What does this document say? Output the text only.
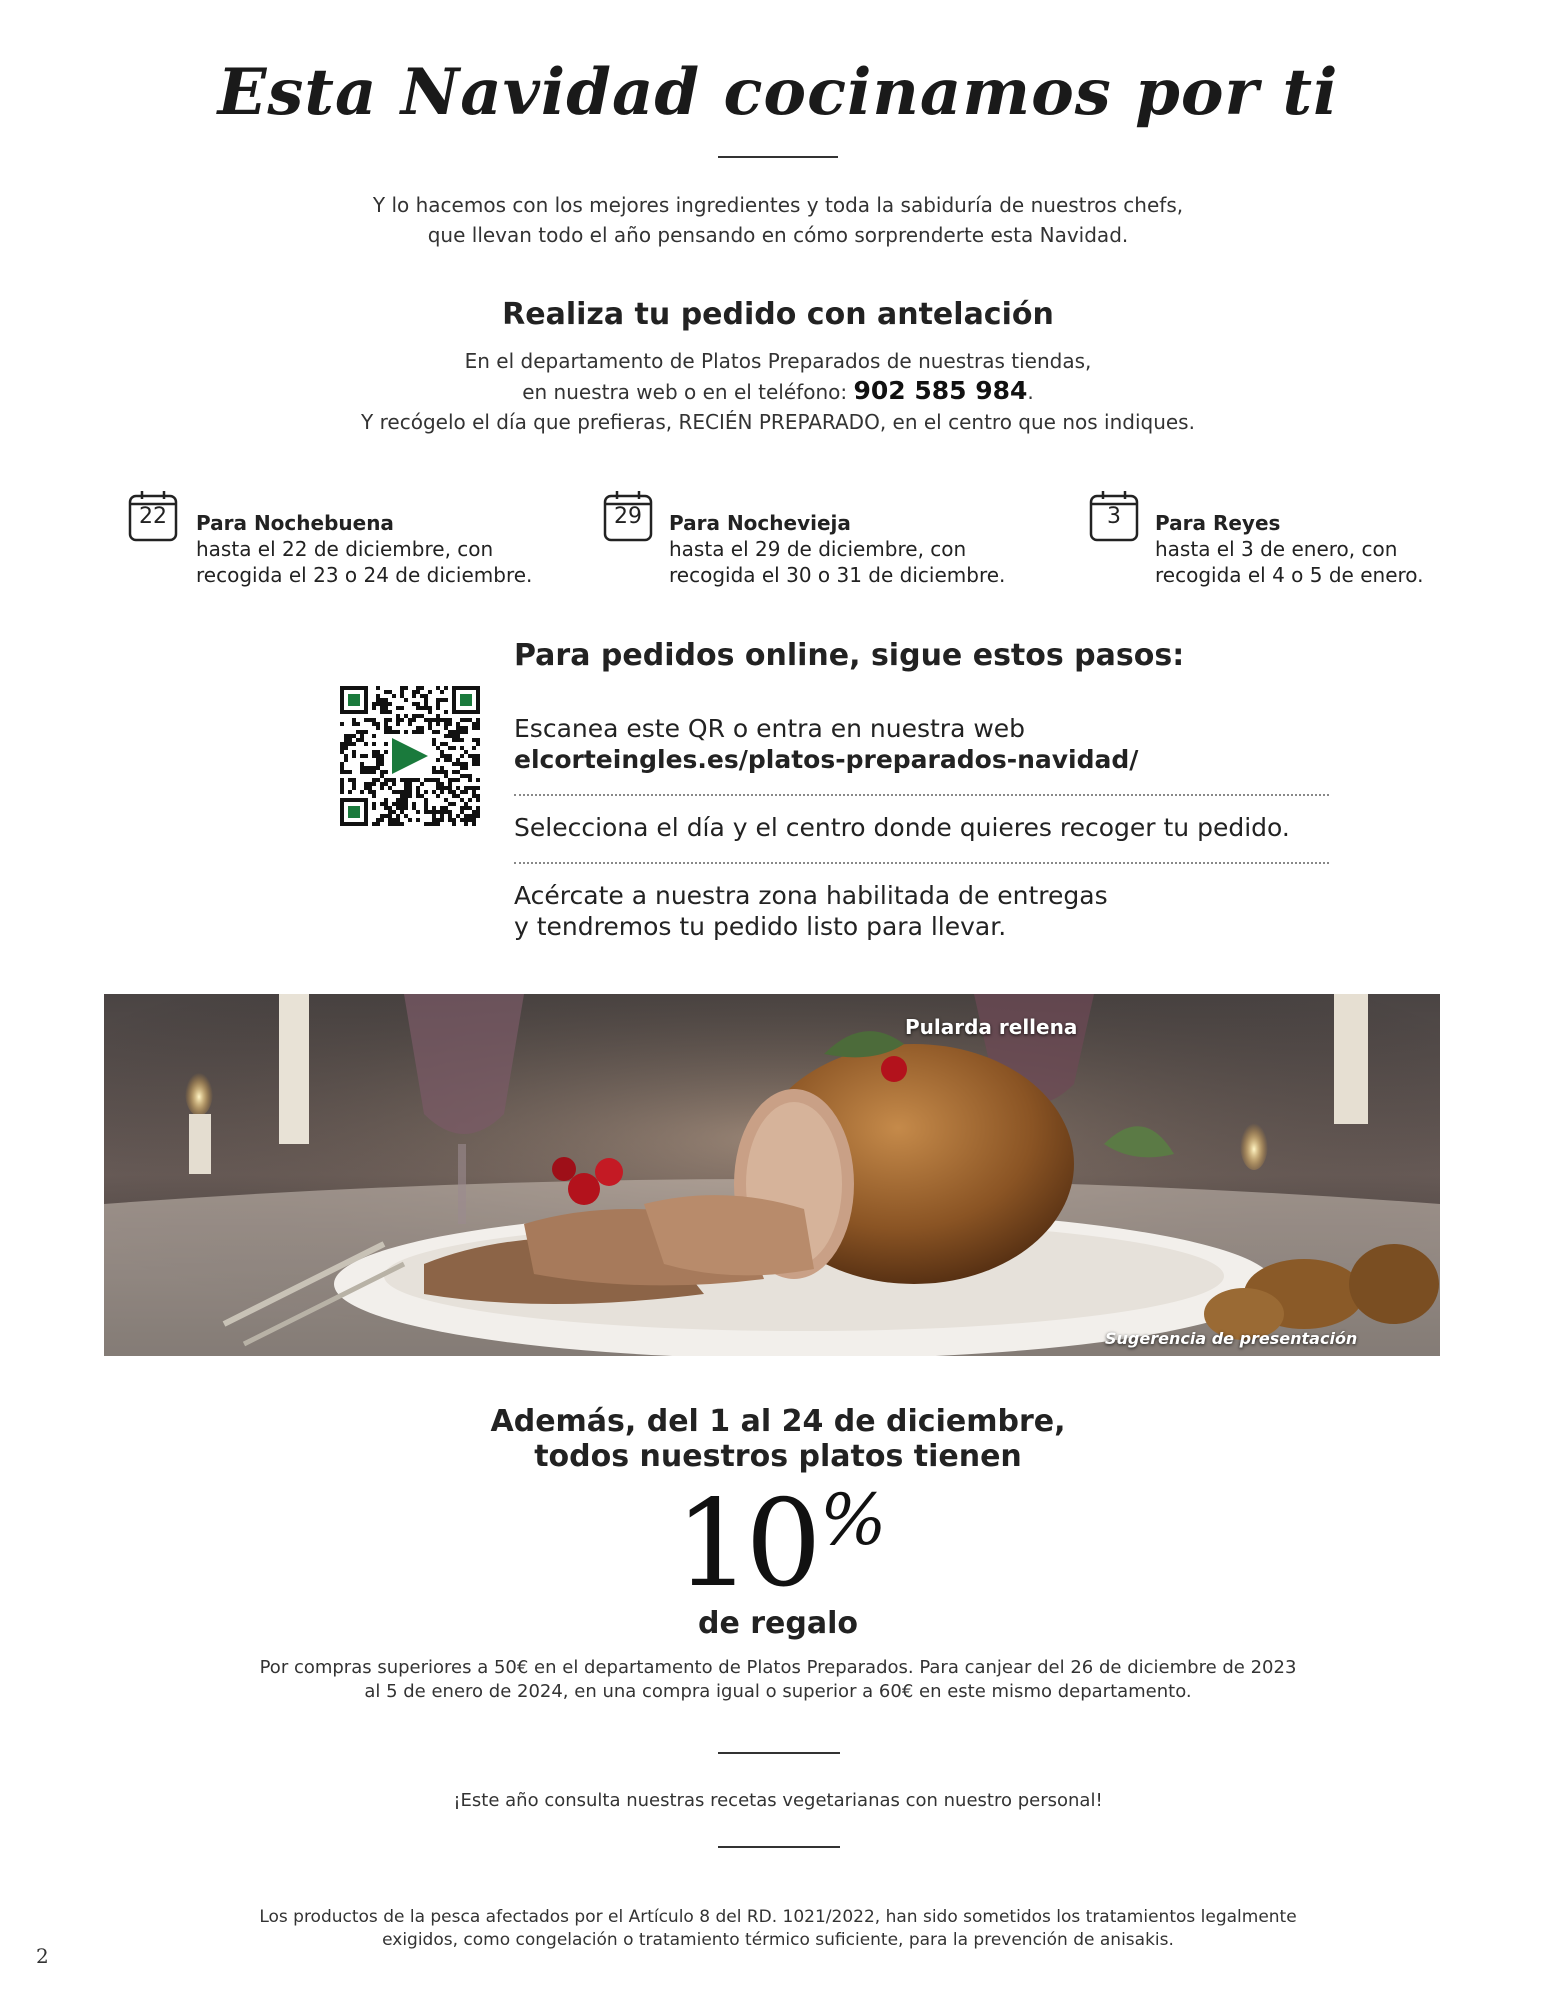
Esta Navidad cocinamos por ti
Y lo hacemos con los mejores ingredientes y toda la sabiduría de nuestros chefs,
que llevan todo el año pensando en cómo sorprenderte esta Navidad.
Realiza tu pedido con antelación
En el departamento de Platos Preparados de nuestras tiendas,
en nuestra web o en el teléfono: 902 585 984.
Y recógelo el día que prefieras, RECIÉN PREPARADO, en el centro que nos indiques.
22	Para Nochebuena
hasta el 22 de diciembre, con
recogida el 23 o 24 de diciembre.
29	Para Nochevieja
hasta el 29 de diciembre, con
recogida el 30 o 31 de diciembre.
3	Para Reyes
hasta el 3 de enero, con
recogida el 4 o 5 de enero.
Para pedidos online, sigue estos pasos:
Escanea este QR o entra en nuestra web
elcorteingles.es/platos-preparados-navidad/
Selecciona el día y el centro donde quieres recoger tu pedido.
Acércate a nuestra zona habilitada de entregas
y tendremos tu pedido listo para llevar.
Pularda rellena
Sugerencia de presentación
Además, del 1 al 24 de diciembre,
todos nuestros platos tienen
10 %
de regalo
Por compras superiores a 50€ en el departamento de Platos Preparados. Para canjear del 26 de diciembre de 2023
al 5 de enero de 2024, en una compra igual o superior a 60€ en este mismo departamento.
¡Este año consulta nuestras recetas vegetarianas con nuestro personal!
Los productos de la pesca afectados por el Artículo 8 del RD. 1021/2022, han sido sometidos los tratamientos legalmente
exigidos, como congelación o tratamiento térmico suficiente, para la prevención de anisakis.
2
